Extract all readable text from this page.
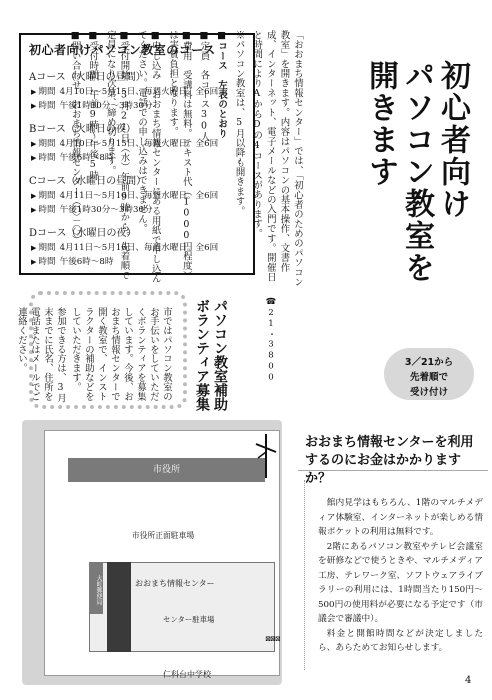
初心者向けパソコン教室のコース
Aコース（火曜日の昼間）
▶ 期間 4月10日〜5月15日、毎週火曜日。全6回
▶ 時間 午後1時30分〜3時30分
Bコース（火曜日の夜）
▶ 期間 4月10日〜5月15日、毎週火曜日。全6回
▶ 時間 午後6時〜8時
Cコース（水曜日の昼間）
▶ 期間 4月11日〜5月16日、毎週水曜日。全6回
▶ 時間 午後1時30分〜3時30分
Dコース（水曜日の夜）
▶ 期間 4月11日〜5月16日、毎週水曜日。全6回
▶ 時間 午後6時〜8時	「おおまち情報センター」では、「初心者のためのパソコン教室」を開きます。内容はパソコンの基本操作、文書作成、インターネット、電子メールなどの入門です。開催日と時間によりAからDの4コースがあります。

※パソコン教室は、5月以降も開きます。

■コース　左表のとおり

■定員　各コース30人

■費用　受講料は無料。テキスト代（1000円程度）は実費負担となります。

■申し込み　おおまち情報センターにある用紙で申し込んでください。電話での申し込みはできません。

■受付開始　3月21日（水）午前9時から。先着順で定員になり次第、締め切ります。

■受付時間　午前9時〜午後5時

■問い合わせ　おおまち情報センター（〇－〇）	初心者向け
パソコン教室を
開きます
3／21から
先着順で
受け付け

市ではパソコン教室のお手伝いをしていただくボランティアを募集しています。今後、おおまち情報センターで開く教室で、インストラクターの補助などをしていただきます。

参加できる方は、3月末までに氏名、住所を電話またはメールでご連絡ください。	パソコン教室補助
ボランティア募集	☎21・3800
市役所
市役所正面駐車場
大町郵便局	おおまち情報センター
センター駐車場
⊠⊠⊠
仁科台中学校
おおまち情報センターを利用するのにお金はかかりますか？

館内見学はもちろん、1階のマルチメディア体験室、インターネットが楽しめる情報ポケットの利用は無料です。

2階にあるパソコン教室やテレビ会議室を研修などで使うときや、マルチメディア工房、テレワーク室、ソフトウェアライブラリーの利用には、1時間当たり150円〜500円の使用料が必要になる予定です（市議会で審議中）。

料金と開館時間などが決定しましたら、あらためてお知らせします。

4
